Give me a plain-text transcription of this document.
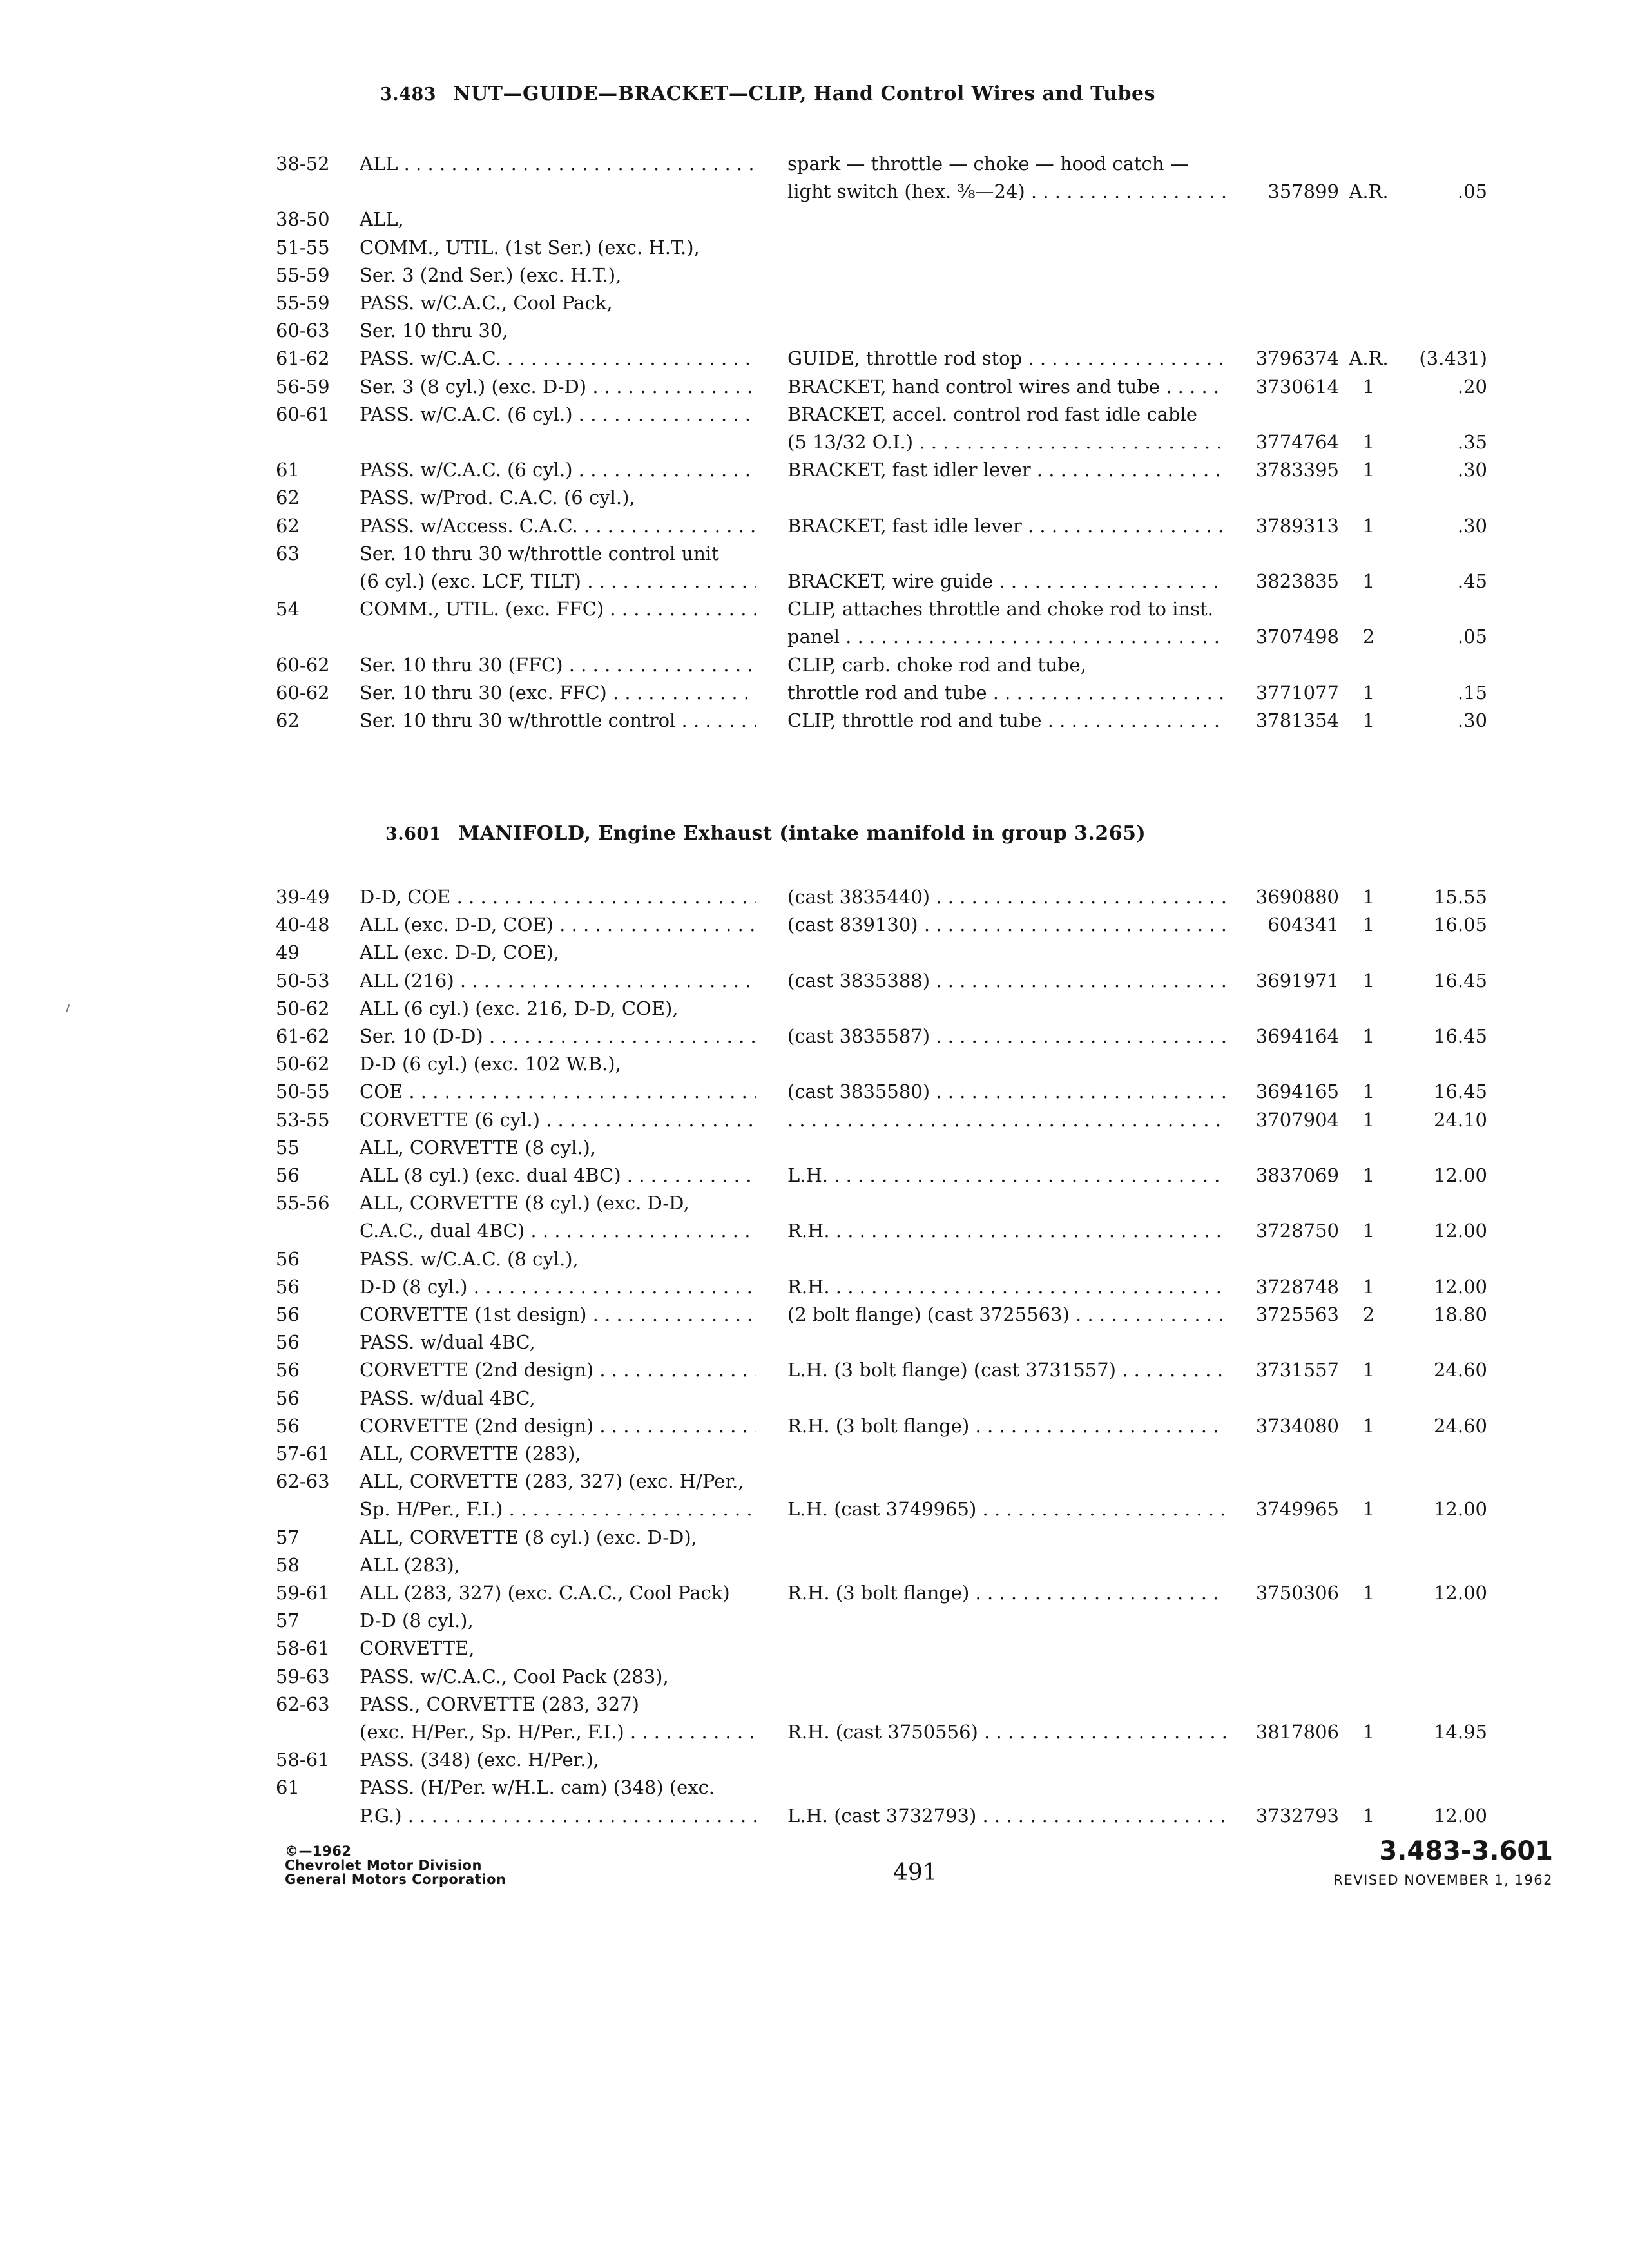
3.483 NUT—GUIDE—BRACKET—CLIP, Hand Control Wires and Tubes
38-52 ALL . . .	spark — throttle — choke — hood catch —
light switch (hex. ⅜—24) . . .	357899 A.R.	.05
38-50 ALL,
51-55 COMM., UTIL. (1st Ser.) (exc. H.T.),
55-59 Ser. 3 (2nd Ser.) (exc. H.T.),
55-59 PASS. w/C.A.C., Cool Pack,
60-63 Ser. 10 thru 30,
61-62 PASS. w/C.A.C. . . .	GUIDE, throttle rod stop . . .	3796374 A.R.	(3.431)
56-59 Ser. 3 (8 cyl.) (exc. D-D) . . .	BRACKET, hand control wires and tube . . .	3730614	1	.20
60-61 PASS. w/C.A.C. (6 cyl.) . . .	BRACKET, accel. control rod fast idle cable
(5 13/32 O.I.) . . .	3774764	1	.35
61	PASS. w/C.A.C. (6 cyl.) . . .	BRACKET, fast idler lever . . .	3783395	1	.30
62	PASS. w/Prod. C.A.C. (6 cyl.),
62	PASS. w/Access. C.A.C. . . .	BRACKET, fast idle lever . . .	3789313	1	.30
63	Ser. 10 thru 30 w/throttle control unit
(6 cyl.) (exc. LCF, TILT) . . .	BRACKET, wire guide . . .	3823835	1	.45
54	COMM., UTIL. (exc. FFC) . . .	CLIP, attaches throttle and choke rod to inst.
panel . . .	3707498	2	.05
60-62 Ser. 10 thru 30 (FFC) . . .	CLIP, carb. choke rod and tube,
60-62 Ser. 10 thru 30 (exc. FFC) . . .	throttle rod and tube . . .	3771077	1	.15
62	Ser. 10 thru 30 w/throttle control . . .	CLIP, throttle rod and tube . . .	3781354	1	.30
3.601 MANIFOLD, Engine Exhaust (intake manifold in group 3.265)
39-49 D-D, COE . . .	(cast 3835440) . . .	3690880	1	15.55
40-48 ALL (exc. D-D, COE) . . .	(cast 839130) . . .	604341	1	16.05
49	ALL (exc. D-D, COE),
50-53 ALL (216) . . .	(cast 3835388) . . .	3691971	1	16.45
50-62 ALL (6 cyl.) (exc. 216, D-D, COE),
61-62 Ser. 10 (D-D) . . .	(cast 3835587) . . .	3694164	1	16.45
50-62 D-D (6 cyl.) (exc. 102 W.B.),
50-55 COE . . .	(cast 3835580) . . .	3694165	1	16.45
53-55 CORVETTE (6 cyl.) . . .
. . .	3707904	1	24.10
55	ALL, CORVETTE (8 cyl.),
56	ALL (8 cyl.) (exc. dual 4BC) . . .	L.H. . . .	3837069	1	12.00
55-56 ALL, CORVETTE (8 cyl.) (exc. D-D,
C.A.C., dual 4BC) . . .	R.H. . . .	3728750	1	12.00
56	PASS. w/C.A.C. (8 cyl.),
56	D-D (8 cyl.) . . .	R.H. . . .	3728748	1	12.00
56	CORVETTE (1st design) . . .	(2 bolt flange) (cast 3725563) . . .	3725563	2	18.80
56	PASS. w/dual 4BC,
56	CORVETTE (2nd design) . . .	L.H. (3 bolt flange) (cast 3731557) . . .	3731557	1	24.60
56	PASS. w/dual 4BC,
56	CORVETTE (2nd design) . . .	R.H. (3 bolt flange) . . .	3734080	1	24.60
57-61 ALL, CORVETTE (283),
62-63 ALL, CORVETTE (283, 327) (exc. H/Per.,
Sp. H/Per., F.I.) . . .	L.H. (cast 3749965) . . .	3749965	1	12.00
57	ALL, CORVETTE (8 cyl.) (exc. D-D),
58	ALL (283),
59-61 ALL (283, 327) (exc. C.A.C., Cool Pack)	R.H. (3 bolt flange) . . .	3750306	1	12.00
57	D-D (8 cyl.),
58-61 CORVETTE,
59-63 PASS. w/C.A.C., Cool Pack (283),
62-63 PASS., CORVETTE (283, 327)
(exc. H/Per., Sp. H/Per., F.I.) . . .	R.H. (cast 3750556) . . .	3817806	1	14.95
58-61 PASS. (348) (exc. H/Per.),
61	PASS. (H/Per. w/H.L. cam) (348) (exc.
P.G.) . . .	L.H. (cast 3732793) . . .	3732793	1	12.00
©—1962
Chevrolet Motor Division
General Motors Corporation	491
3.483-3.601
REVISED NOVEMBER 1, 1962
